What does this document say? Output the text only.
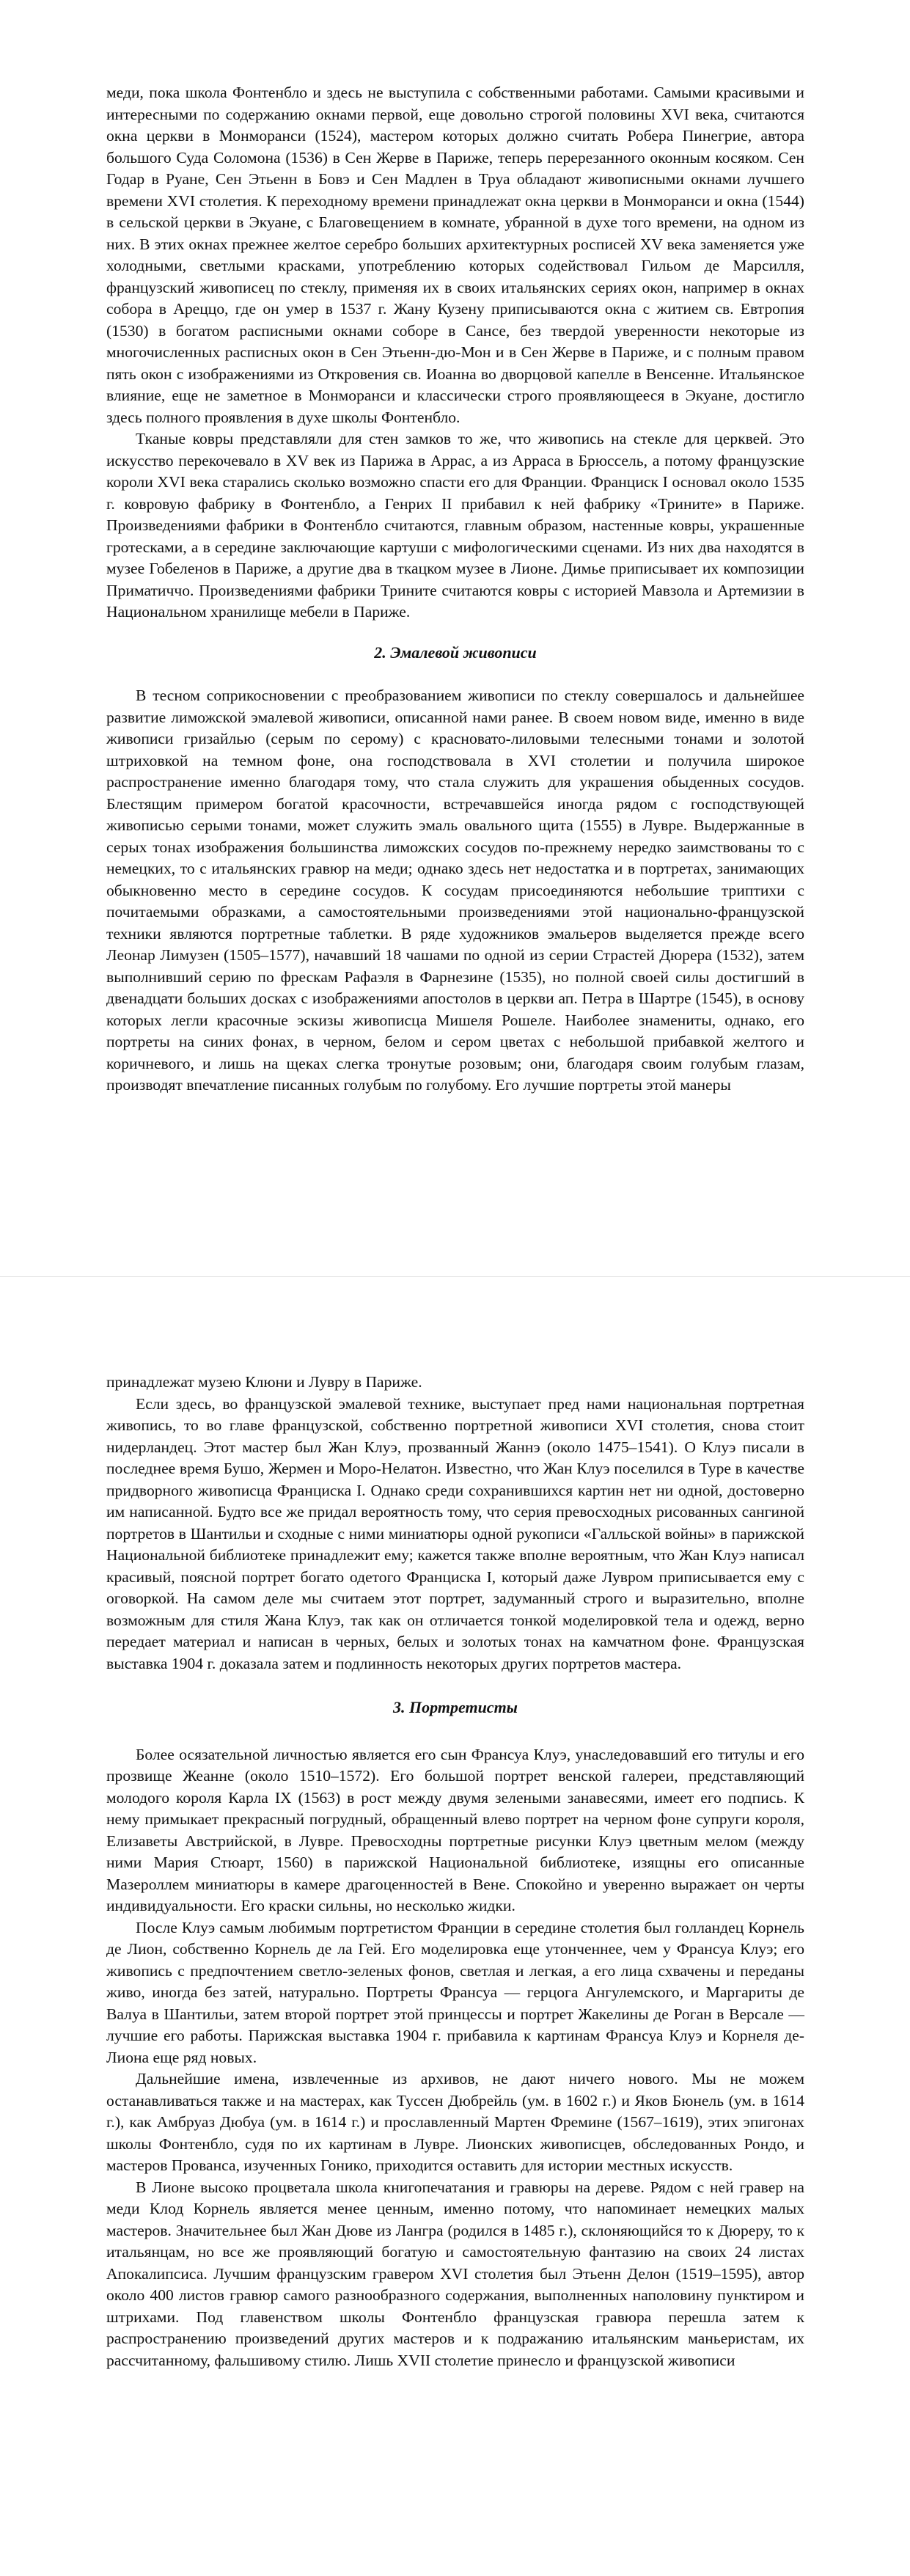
меди, пока школа Фонтенбло и здесь не выступила с собственными работами. Самыми красивыми и интересными по содержанию окнами первой, еще довольно строгой половины XVI века, считаются окна церкви в Монморанси (1524), мастером которых должно считать Робера Пинегрие, автора большого Суда Соломона (1536) в Сен Жерве в Париже, теперь перерезанного оконным косяком. Сен Годар в Руане, Сен Этьенн в Бовэ и Сен Мадлен в Труа обладают живописными окнами лучшего времени XVI столетия. К переходному времени принадлежат окна церкви в Монморанси и окна (1544) в сельской церкви в Экуане, с Благовещением в комнате, убранной в духе того времени, на одном из них. В этих окнах прежнее желтое серебро больших архитектурных росписей XV века заменяется уже холодными, светлыми красками, употреблению которых содействовал Гильом де Марсилля, французский живописец по стеклу, применяя их в своих итальянских сериях окон, например в окнах собора в Ареццо, где он умер в 1537 г. Жану Кузену приписываются окна с житием св. Евтропия (1530) в богатом расписными окнами соборе в Сансе, без твердой уверенности некоторые из многочисленных расписных окон в Сен Этьенн-дю-Мон и в Сен Жерве в Париже, и с полным правом пять окон с изображениями из Откровения св. Иоанна во дворцовой капелле в Венсенне. Итальянское влияние, еще не заметное в Монморанси и классически строго проявляющееся в Экуане, достигло здесь полного проявления в духе школы Фонтенбло.

Тканые ковры представляли для стен замков то же, что живопись на стекле для церквей. Это искусство перекочевало в XV век из Парижа в Аррас, а из Арраса в Брюссель, а потому французские короли XVI века старались сколько возможно спасти его для Франции. Франциск I основал около 1535 г. ковровую фабрику в Фонтенбло, а Генрих II прибавил к ней фабрику «Тринитe» в Париже. Произведениями фабрики в Фонтенбло считаются, главным образом, настенные ковры, украшенные гротесками, а в середине заключающие картуши с мифологическими сценами. Из них два находятся в музее Гобеленов в Париже, а другие два в ткацком музее в Лионе. Димье приписывает их композиции Приматиччо. Произведениями фабрики Тринитe считаются ковры с историей Мавзола и Артемизии в Национальном хранилище мебели в Париже.

2. Эмалевой живописи

В тесном соприкосновении с преобразованием живописи по стеклу совершалось и дальнейшее развитие лиможской эмалевой живописи, описанной нами ранее. В своем новом виде, именно в виде живописи гризайлью (серым по серому) с красновато-лиловыми телесными тонами и золотой штриховкой на темном фоне, она господствовала в XVI столетии и получила широкое распространение именно благодаря тому, что стала служить для украшения обыденных сосудов. Блестящим примером богатой красочности, встречавшейся иногда рядом с господствующей живописью серыми тонами, может служить эмаль овального щита (1555) в Лувре. Выдержанные в серых тонах изображения большинства лиможских сосудов по-прежнему нередко заимствованы то с немецких, то с итальянских гравюр на меди; однако здесь нет недостатка и в портретах, занимающих обыкновенно место в середине сосудов. К сосудам присоединяются небольшие триптихи с почитаемыми образками, а самостоятельными произведениями этой национально-французской техники являются портретные таблетки. В ряде художников эмальеров выделяется прежде всего Леонар Лимузен (1505–1577), начавший 18 чашами по одной из серии Страстей Дюрера (1532), затем выполнивший серию по фрескам Рафаэля в Фарнезине (1535), но полной своей силы достигший в двенадцати больших досках с изображениями апостолов в церкви ап. Петра в Шартре (1545), в основу которых легли красочные эскизы живописца Мишеля Рошеле. Наиболее знамениты, однако, его портреты на синих фонах, в черном, белом и сером цветах с небольшой прибавкой желтого и коричневого, и лишь на щеках слегка тронутые розовым; они, благодаря своим голубым глазам, производят впечатление писанных голубым по голубому. Его лучшие портреты этой манеры

принадлежат музею Клюни и Лувру в Париже.

Если здесь, во французской эмалевой технике, выступает пред нами национальная портретная живопись, то во главе французской, собственно портретной живописи XVI столетия, снова стоит нидерландец. Этот мастер был Жан Клуэ, прозванный Жаннэ (около 1475–1541). О Клуэ писали в последнее время Бушо, Жермен и Моро-Нелатон. Известно, что Жан Клуэ поселился в Туре в качестве придворного живописца Франциска I. Однако среди сохранившихся картин нет ни одной, достоверно им написанной. Будто все же придал вероятность тому, что серия превосходных рисованных сангиной портретов в Шантильи и сходные с ними миниатюры одной рукописи «Галльской войны» в парижской Национальной библиотеке принадлежит ему; кажется также вполне вероятным, что Жан Клуэ написал красивый, поясной портрет богато одетого Франциска I, который даже Лувром приписывается ему с оговоркой. На самом деле мы считаем этот портрет, задуманный строго и выразительно, вполне возможным для стиля Жана Клуэ, так как он отличается тонкой моделировкой тела и одежд, верно передает материал и написан в черных, белых и золотых тонах на камчатном фоне. Французская выставка 1904 г. доказала затем и подлинность некоторых других портретов мастера.

3. Портретисты

Более осязательной личностью является его сын Франсуа Клуэ, унаследовавший его титулы и его прозвище Жеанне (около 1510–1572). Его большой портрет венской галереи, представляющий молодого короля Карла IX (1563) в рост между двумя зелеными занавесями, имеет его подпись. К нему примыкает прекрасный погрудный, обращенный влево портрет на черном фоне супруги короля, Елизаветы Австрийской, в Лувре. Превосходны портретные рисунки Клуэ цветным мелом (между ними Мария Стюарт, 1560) в парижской Национальной библиотеке, изящны его описанные Мазероллем миниатюры в камере драгоценностей в Вене. Спокойно и уверенно выражает он черты индивидуальности. Его краски сильны, но несколько жидки.

После Клуэ самым любимым портретистом Франции в середине столетия был голландец Корнель де Лион, собственно Корнель де ла Гей. Его моделировка еще утонченнее, чем у Франсуа Клуэ; его живопись с предпочтением светло-зеленых фонов, светлая и легкая, а его лица схвачены и переданы живо, иногда без затей, натурально. Портреты Франсуа — герцога Ангулемского, и Маргариты де Валуа в Шантильи, затем второй портрет этой принцессы и портрет Жакелины де Роган в Версале — лучшие его работы. Парижская выставка 1904 г. прибавила к картинам Франсуа Клуэ и Корнеля де-Лиона еще ряд новых.

Дальнейшие имена, извлеченные из архивов, не дают ничего нового. Мы не можем останавливаться также и на мастерах, как Туссен Дюбрейль (ум. в 1602 г.) и Яков Бюнель (ум. в 1614 г.), как Амбруаз Дюбуа (ум. в 1614 г.) и прославленный Мартен Фремине (1567–1619), этих эпигонах школы Фонтенбло, судя по их картинам в Лувре. Лионских живописцев, обследованных Рондо, и мастеров Прованса, изученных Гонико, приходится оставить для истории местных искусств.

В Лионе высоко процветала школа книгопечатания и гравюры на дереве. Рядом с ней гравер на меди Клод Корнель является менее ценным, именно потому, что напоминает немецких малых мастеров. Значительнее был Жан Дюве из Лангра (родился в 1485 г.), склоняющийся то к Дюреру, то к итальянцам, но все же проявляющий богатую и самостоятельную фантазию на своих 24 листах Апокалипсиса. Лучшим французским гравером XVI столетия был Этьенн Делон (1519–1595), автор около 400 листов гравюр самого разнообразного содержания, выполненных наполовину пунктиром и штрихами. Под главенством школы Фонтенбло французская гравюра перешла затем к распространению произведений других мастеров и к подражанию итальянским маньеристам, их рассчитанному, фальшивому стилю. Лишь XVII столетие принесло и французской живописи
